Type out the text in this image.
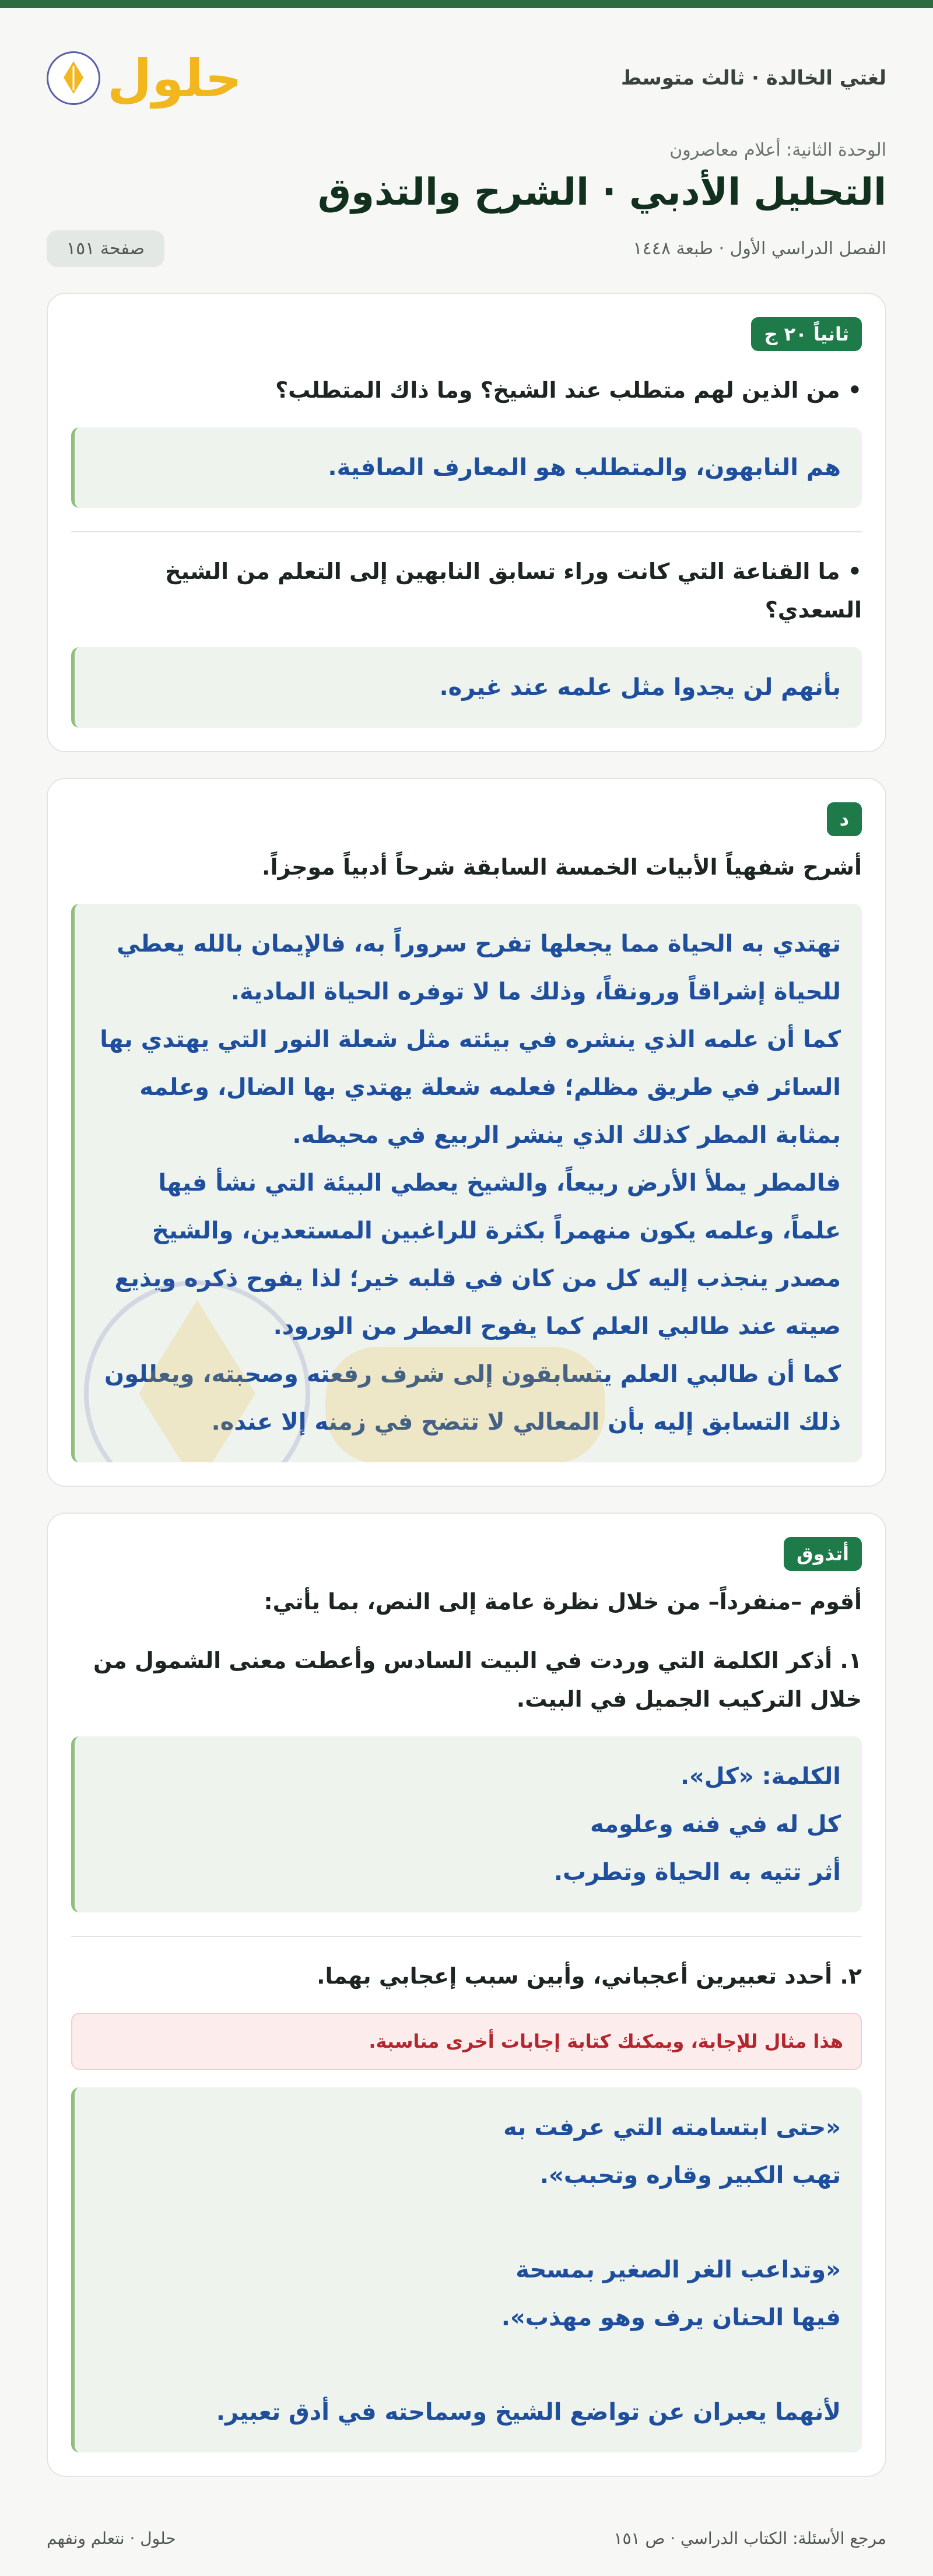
لغتي الخالدة · ثالث متوسط
حلول
الوحدة الثانية: أعلام معاصرون
التحليل الأدبي · الشرح والتذوق
الفصل الدراسي الأول · طبعة ١٤٤٨
صفحة ١٥١
ثانياً ٢٠ ج
• من الذين لهم متطلب عند الشيخ؟ وما ذاك المتطلب؟
هم النابهون، والمتطلب هو المعارف الصافية.
• ما القناعة التي كانت وراء تسابق النابهين إلى التعلم من الشيخ السعدي؟
بأنهم لن يجدوا مثل علمه عند غيره.
د
أشرح شفهياً الأبيات الخمسة السابقة شرحاً أدبياً موجزاً.
تهتدي به الحياة مما يجعلها تفرح سروراً به، فالإيمان بالله يعطي للحياة إشراقاً ورونقاً، وذلك ما لا توفره الحياة المادية.
كما أن علمه الذي ينشره في بيئته مثل شعلة النور التي يهتدي بها السائر في طريق مظلم؛ فعلمه شعلة يهتدي بها الضال، وعلمه بمثابة المطر كذلك الذي ينشر الربيع في محيطه.
فالمطر يملأ الأرض ربيعاً، والشيخ يعطي البيئة التي نشأ فيها علماً، وعلمه يكون منهمراً بكثرة للراغبين المستعدين، والشيخ مصدر ينجذب إليه كل من كان في قلبه خير؛ لذا يفوح ذكره ويذيع صيته عند طالبي العلم كما يفوح العطر من الورود.
كما أن طالبي العلم يتسابقون إلى شرف رفعته وصحبته، ويعللون ذلك التسابق إليه بأن المعالي لا تتضح في زمنه إلا عنده.
أتذوق
أقوم –منفرداً– من خلال نظرة عامة إلى النص، بما يأتي:
١. أذكر الكلمة التي وردت في البيت السادس وأعطت معنى الشمول من خلال التركيب الجميل في البيت.
الكلمة: «كل».
كل له في فنه وعلومه
أثر تتيه به الحياة وتطرب.
٢. أحدد تعبيرين أعجباني، وأبين سبب إعجابي بهما.
هذا مثال للإجابة، ويمكنك كتابة إجابات أخرى مناسبة.
«حتى ابتسامته التي عرفت به
تهب الكبير وقاره وتحبب».
«وتداعب الغر الصغير بمسحة
فيها الحنان يرف وهو مهذب».
لأنهما يعبران عن تواضع الشيخ وسماحته في أدق تعبير.
مرجع الأسئلة: الكتاب الدراسي · ص ١٥١
حلول · نتعلم ونفهم
